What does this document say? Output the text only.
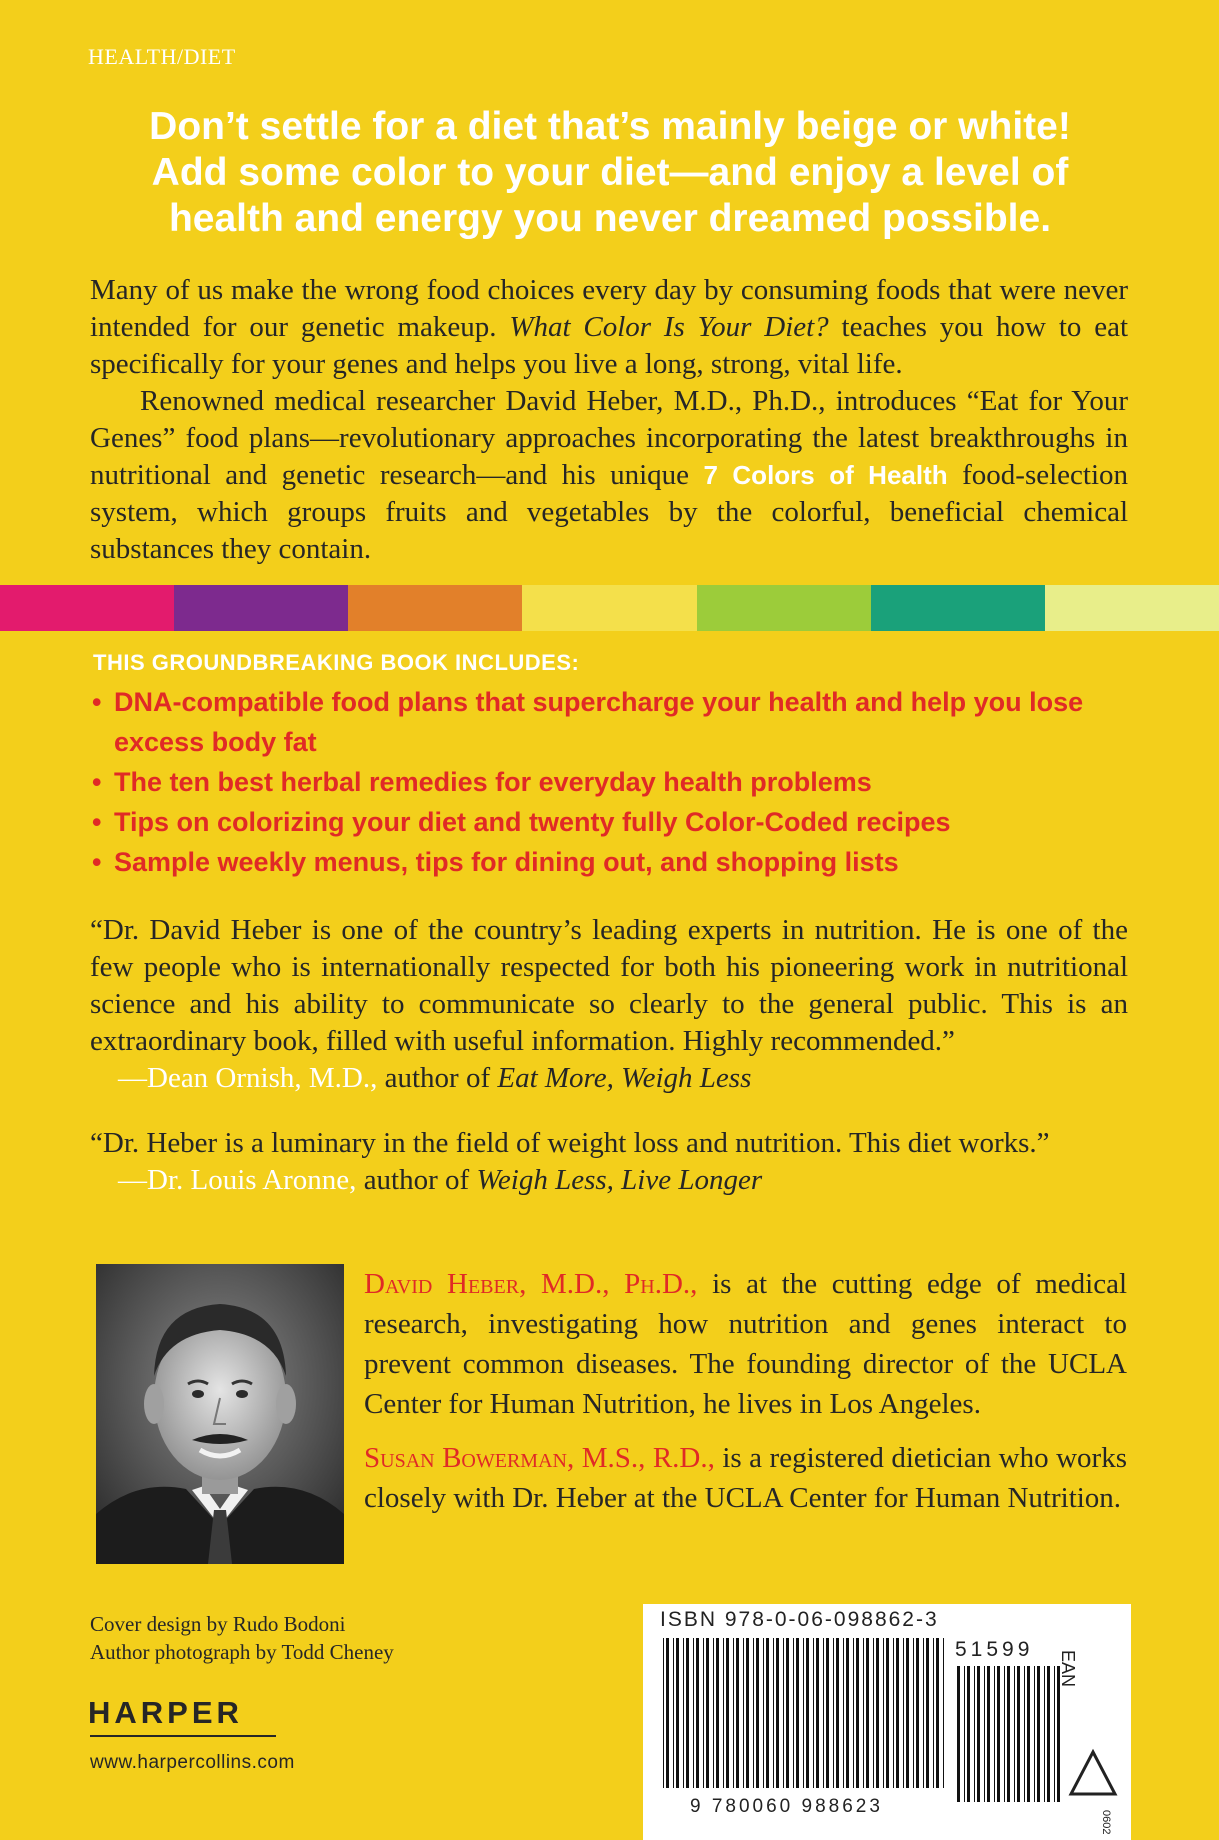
HEALTH/DIET
Don’t settle for a diet that’s mainly beige or white!
Add some color to your diet—and enjoy a level of
health and energy you never dreamed possible.

Many of us make the wrong food choices every day by consuming foods that were never intended for our genetic makeup. What Color Is Your Diet? teaches you how to eat specifically for your genes and helps you live a long, strong, vital life.

Renowned medical researcher David Heber, M.D., Ph.D., introduces “Eat for Your Genes” food plans—revolutionary approaches incorporating the latest breakthroughs in nutritional and genetic research—and his unique 7 Colors of Health food-selection system, which groups fruits and vegetables by the colorful, beneficial chemical substances they contain.

THIS GROUNDBREAKING BOOK INCLUDES:
• DNA-compatible food plans that supercharge your health and help you lose excess body fat
• The ten best herbal remedies for everyday health problems
• Tips on colorizing your diet and twenty fully Color-Coded recipes
• Sample weekly menus, tips for dining out, and shopping lists

“Dr. David Heber is one of the country’s leading experts in nutrition. He is one of the few people who is internationally respected for both his pioneering work in nutritional science and his ability to communicate so clearly to the general public. This is an extraordinary book, filled with useful information. Highly recommended.”

—Dean Ornish, M.D., author of Eat More, Weigh Less

“Dr. Heber is a luminary in the field of weight loss and nutrition. This diet works.”

—Dr. Louis Aronne, author of Weigh Less, Live Longer

David Heber, M.D., Ph.D., is at the cutting edge of medical research, investigating how nutrition and genes interact to prevent common diseases. The founding director of the UCLA Center for Human Nutrition, he lives in Los Angeles.

Susan Bowerman, M.S., R.D., is a registered dietician who works closely with Dr. Heber at the UCLA Center for Human Nutrition.

Cover design by Rudo Bodoni
Author photograph by Todd Cheney
HARPER
www.harpercollins.com
ISBN 978-0-06-098862-3
51599
9 780060 988623
EAN
0602
